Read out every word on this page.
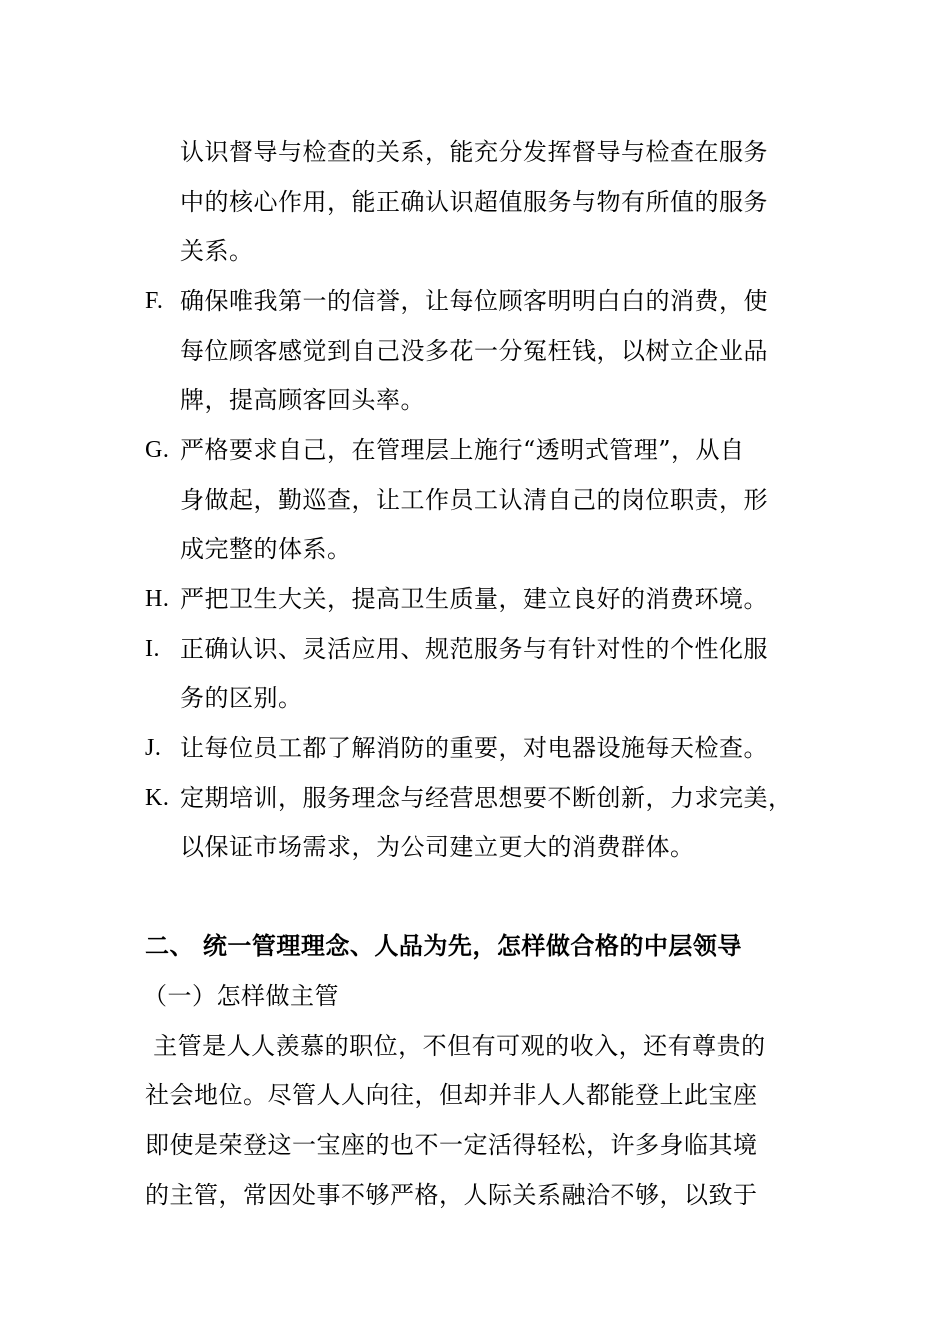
认识督导与检查的关系，能充分发挥督导与检查在服务
中的核心作用，能正确认识超值服务与物有所值的服务
关系。
F. 确保唯我第一的信誉，让每位顾客明明白白的消费，使
每位顾客感觉到自己没多花一分冤枉钱，以树立企业品
牌，提高顾客回头率。
G. 严格要求自己，在管理层上施行“透明式管理”，从自
身做起，勤巡查，让工作员工认清自己的岗位职责，形
成完整的体系。
H. 严把卫生大关，提高卫生质量，建立良好的消费环境。
I. 正确认识、灵活应用、规范服务与有针对性的个性化服
务的区别。
J. 让每位员工都了解消防的重要，对电器设施每天检查。
K. 定期培训，服务理念与经营思想要不断创新，力求完美，
以保证市场需求，为公司建立更大的消费群体。
二、 统一管理理念、人品为先，怎样做合格的中层领导
（一）怎样做主管
主管是人人羡慕的职位，不但有可观的收入，还有尊贵的
社会地位。尽管人人向往，但却并非人人都能登上此宝座
即使是荣登这一宝座的也不一定活得轻松，许多身临其境
的主管，常因处事不够严格，人际关系融洽不够，以致于
